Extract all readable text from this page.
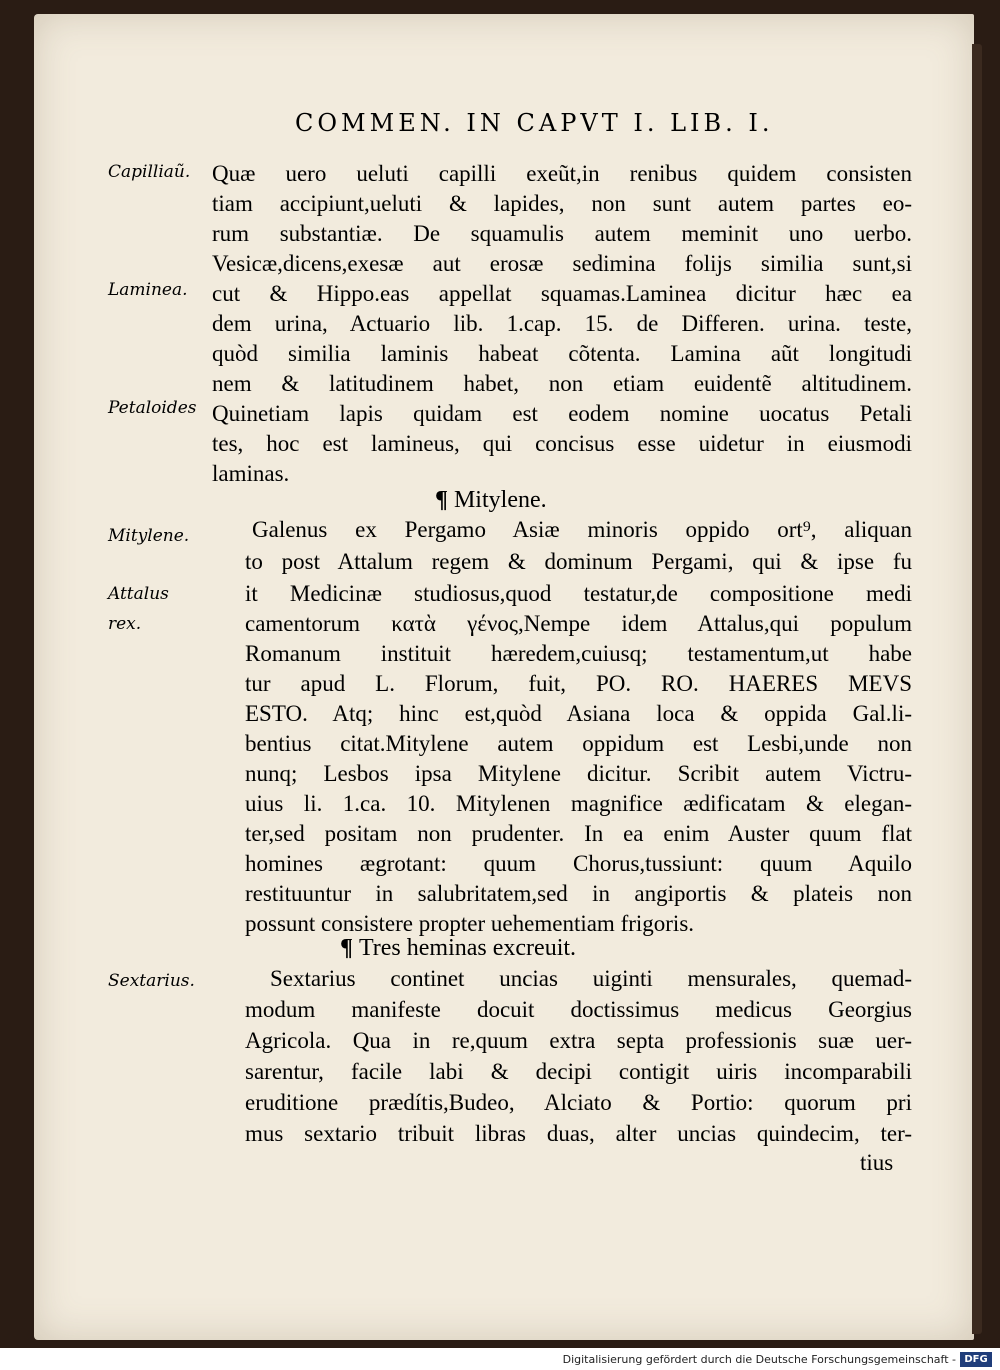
COMMEN. IN CAPVT I. LIB. I.
Capilliaũ.
Laminea.
Petaloides
Mitylene.
Attalus
rex.
Sextarius.
Quæ uero ueluti capilli exeũt,in renibus quidem consisten
tiam accipiunt,ueluti & lapides, non sunt autem partes eo-
rum substantiæ. De squamulis autem meminit uno uerbo.
Vesicæ,dicens,exesæ aut erosæ sedimina folijs similia sunt,si
cut & Hippo.eas appellat squamas.Laminea dicitur hæc ea
dem urina, Actuario lib. 1.cap. 15. de Differen. urina. teste,
quòd similia laminis habeat cõtenta. Lamina aũt longitudi
nem & latitudinem habet, non etiam euidentẽ altitudinem.
Quinetiam lapis quidam est eodem nomine uocatus Petali
tes, hoc est lamineus, qui concisus esse uidetur in eiusmodi
laminas.
¶ Mitylene.
Galenus ex Pergamo Asiæ minoris oppido ort⁹, aliquan
to post Attalum regem & dominum Pergami, qui & ipse fu
it Medicinæ studiosus,quod testatur,de compositione medi
camentorum κατὰ γένος,Nempe idem Attalus,qui populum
Romanum instituit hæredem,cuiusq; testamentum,ut habe
tur apud L. Florum, fuit, PO. RO. HAERES MEVS
ESTO. Atq; hinc est,quòd Asiana loca & oppida Gal.li-
bentius citat.Mitylene autem oppidum est Lesbi,unde non
nunq; Lesbos ipsa Mitylene dicitur. Scribit autem Victru-
uius li. 1.ca. 10. Mitylenen magnifice ædificatam & elegan-
ter,sed positam non prudenter. In ea enim Auster quum flat
homines ægrotant: quum Chorus,tussiunt: quum Aquilo
restituuntur in salubritatem,sed in angiportis & plateis non
possunt consistere propter uehementiam frigoris.
¶ Tres heminas excreuit.
Sextarius continet uncias uiginti mensurales, quemad-
modum manifeste docuit doctissimus medicus Georgius
Agricola. Qua in re,quum extra septa professionis suæ uer-
sarentur, facile labi & decipi contigit uiris incomparabili
eruditione prædítis,Budeo, Alciato & Portio: quorum pri
mus sextario tribuit libras duas, alter uncias quindecim, ter-
tius
Digitalisierung gefördert durch die Deutsche Forschungsgemeinschaft - DFG
